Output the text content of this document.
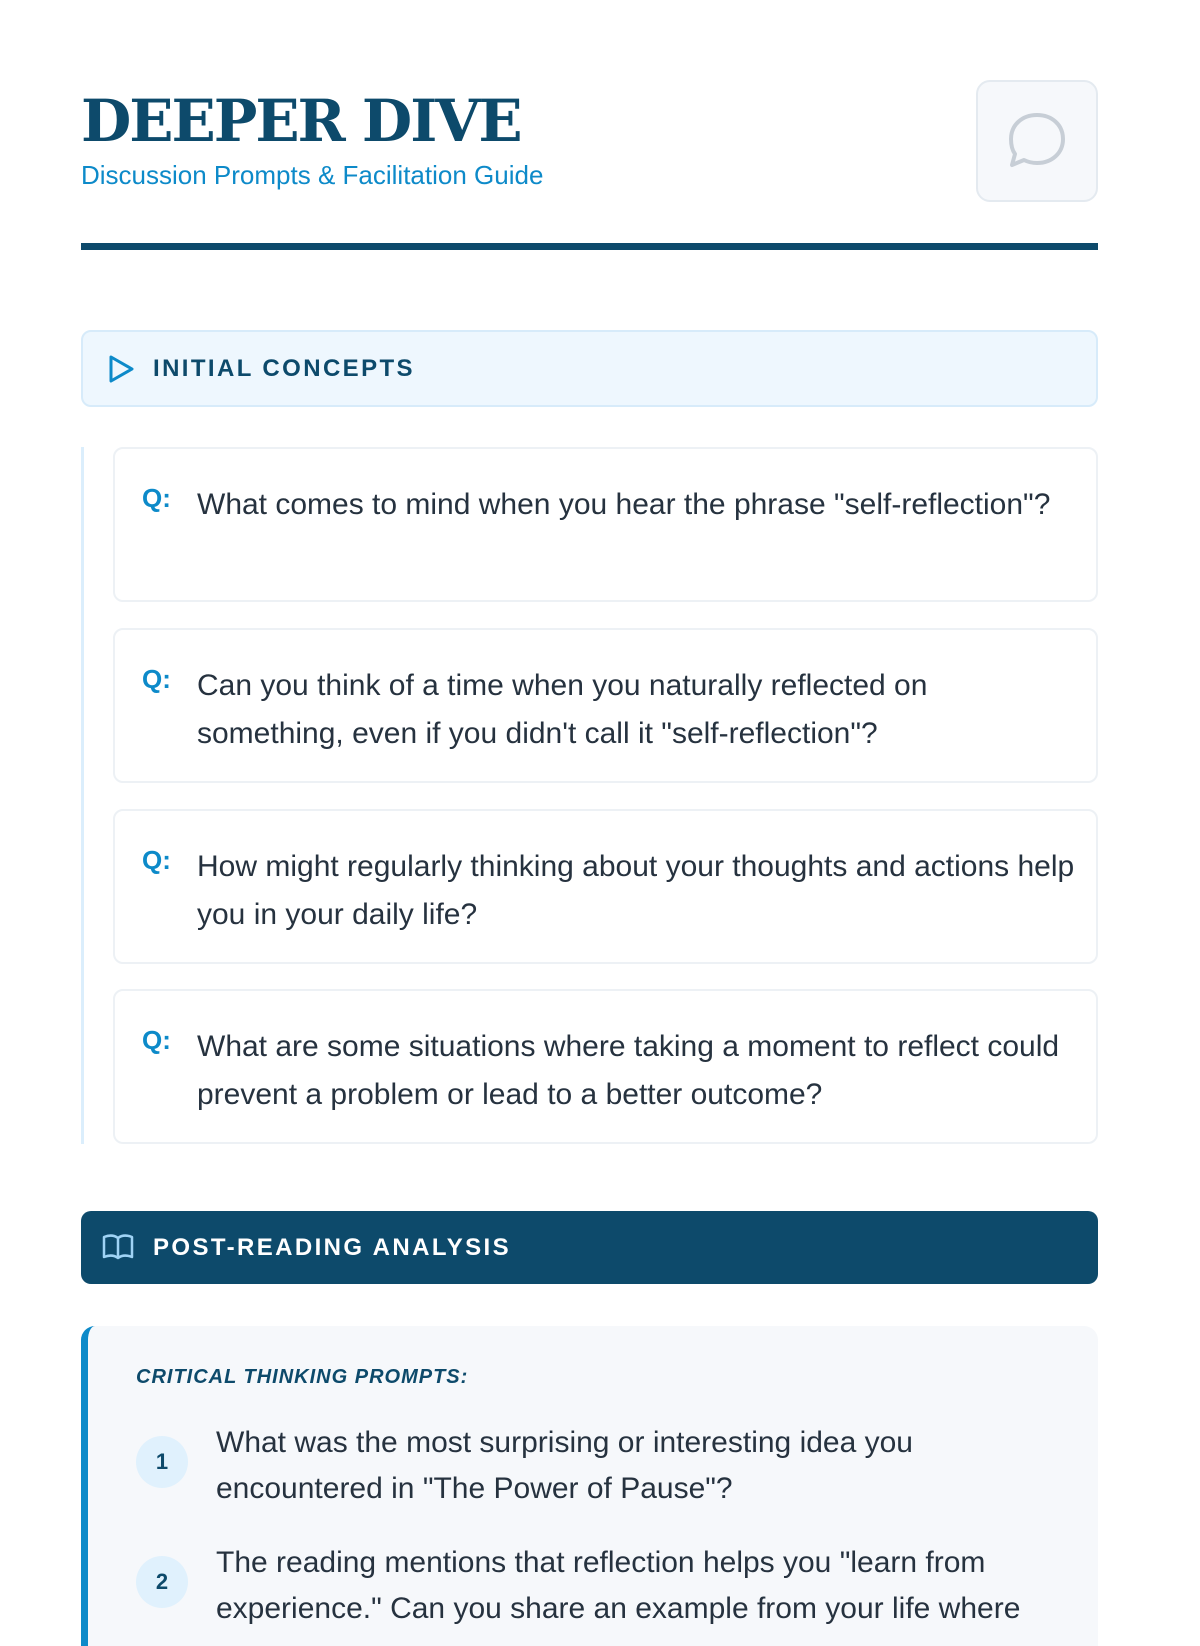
DEEPER DIVE
Discussion Prompts & Facilitation Guide
INITIAL CONCEPTS
Q: What comes to mind when you hear the phrase "self-reflection"?
Q: Can you think of a time when you naturally reflected on something, even if you didn't call it "self-reflection"?
Q: How might regularly thinking about your thoughts and actions help you in your daily life?
Q: What are some situations where taking a moment to reflect could prevent a problem or lead to a better outcome?
POST-READING ANALYSIS
CRITICAL THINKING PROMPTS:
1
What was the most surprising or interesting idea you encountered in "The Power of Pause"?
2
The reading mentions that reflection helps you "learn from experience." Can you share an example from your life where
